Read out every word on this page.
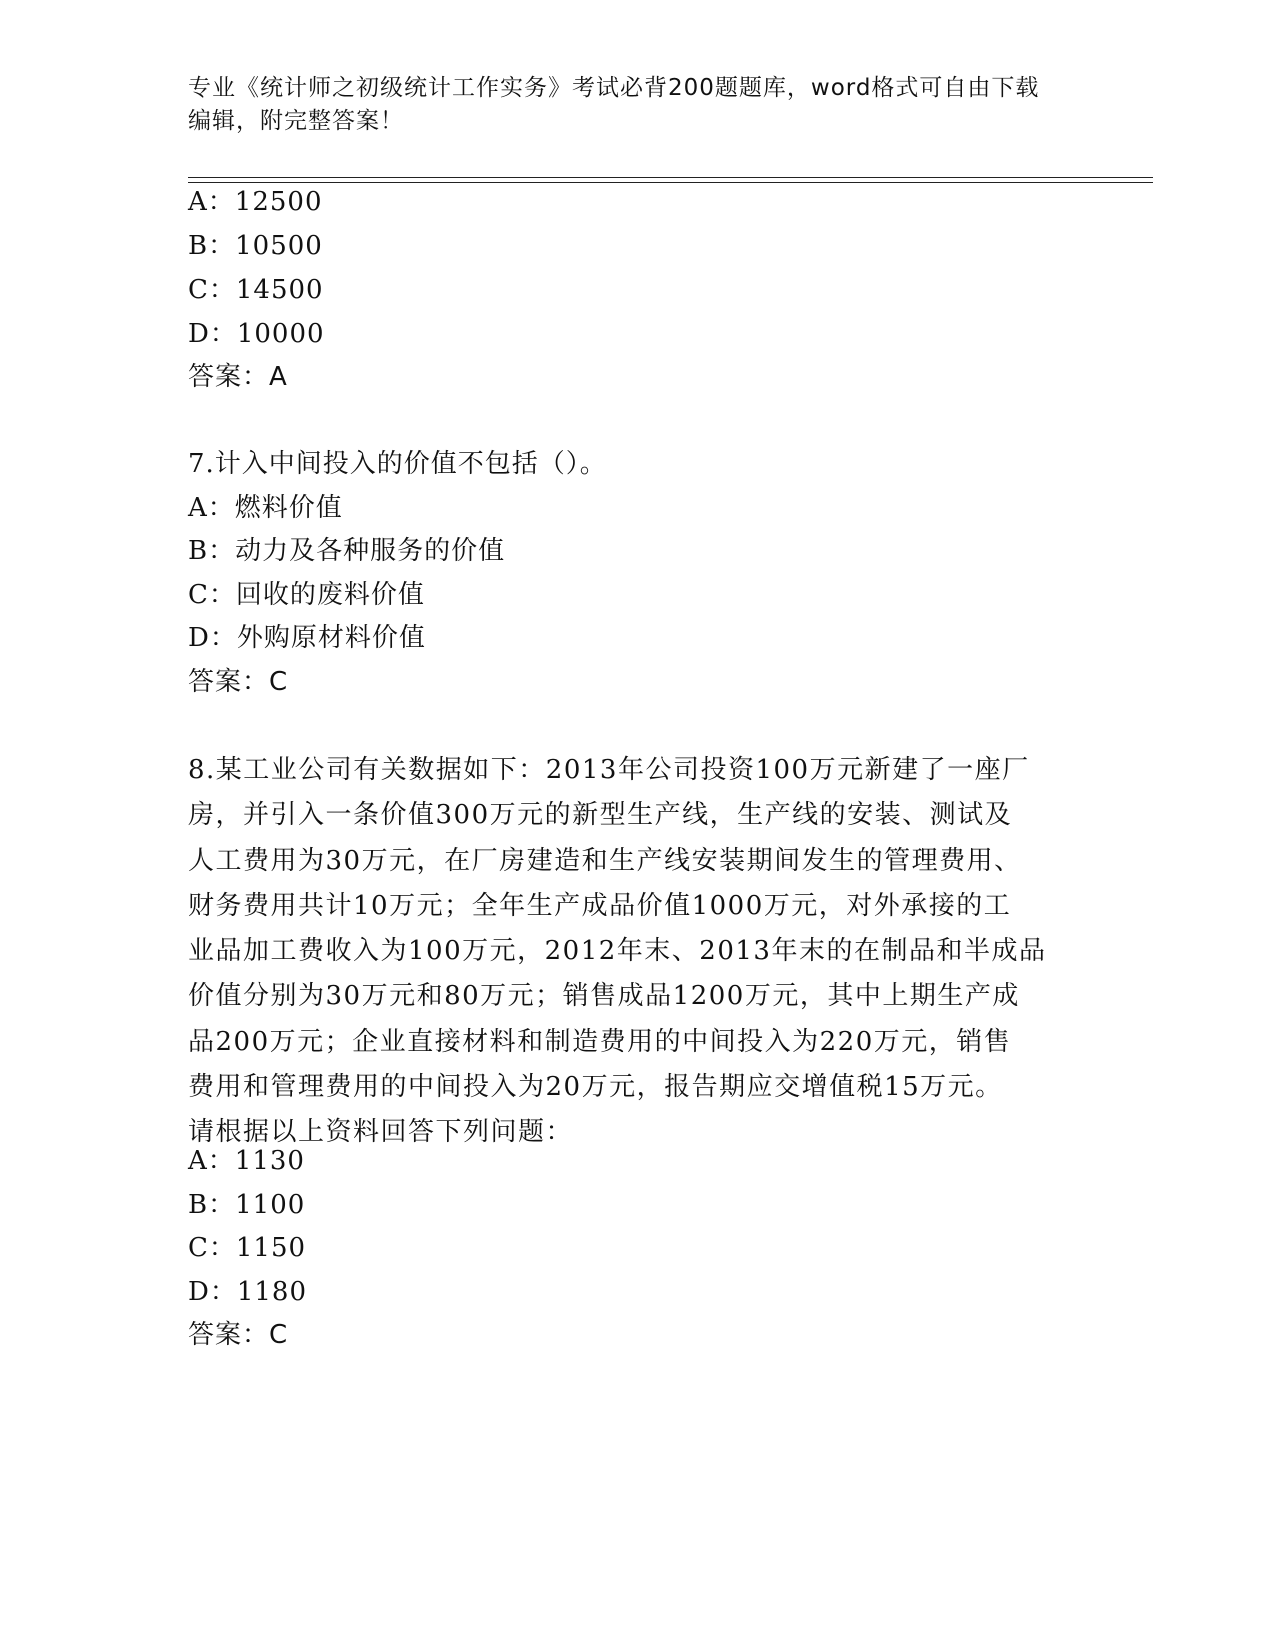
专业《统计师之初级统计工作实务》考试必背200题题库，word格式可自由下载
编辑，附完整答案！
A：12500
B：10500
C：14500
D：10000
答案：A
7.计入中间投入的价值不包括（）。
A：燃料价值
B：动力及各种服务的价值
C：回收的废料价值
D：外购原材料价值
答案：C
8.某工业公司有关数据如下：2013年公司投资100万元新建了一座厂
房，并引入一条价值300万元的新型生产线，生产线的安装、测试及
人工费用为30万元，在厂房建造和生产线安装期间发生的管理费用、
财务费用共计10万元；全年生产成品价值1000万元，对外承接的工
业品加工费收入为100万元，2012年末、2013年末的在制品和半成品
价值分别为30万元和80万元；销售成品1200万元，其中上期生产成
品200万元；企业直接材料和制造费用的中间投入为220万元，销售
费用和管理费用的中间投入为20万元，报告期应交增值税15万元。
请根据以上资料回答下列问题：
A：1130
B：1100
C：1150
D：1180
答案：C
